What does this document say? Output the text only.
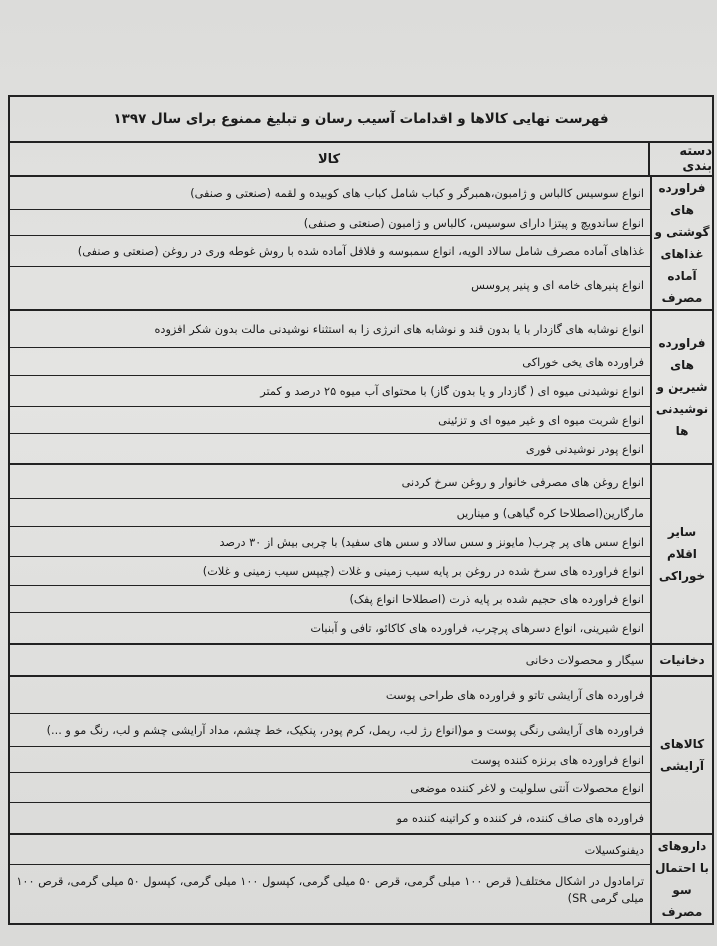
فهرست نهایی کالاها و اقدامات آسیب رسان و تبلیغ ممنوع برای سال ۱۳۹۷
دسته بندی
کالا
فراورده های گوشتی و غذاهای آماده مصرف
انواع سوسیس کالباس و ژامبون،همبرگر و کباب شامل کباب های کوبیده و لقمه (صنعتی و صنفی)
انواع ساندویچ و پیتزا دارای سوسیس، کالباس و ژامبون (صنعتی و صنفی)
غذاهای آماده مصرف شامل سالاد الویه، انواع سمبوسه و فلافل آماده شده با روش غوطه وری در روغن (صنعتی و صنفی)
انواع پنیرهای خامه ای و پنیر پروسس
فراورده های شیرین و نوشیدنی ها
انواع نوشابه های گازدار با یا بدون قند و نوشابه های انرژی زا به استثناء نوشیدنی مالت بدون شکر افزوده
فراورده های یخی خوراکی
انواع نوشیدنی میوه ای ( گازدار و یا بدون گاز) با محتوای آب میوه ۲۵ درصد و کمتر
انواع شربت میوه ای و غیر میوه ای و تزئینی
انواع پودر نوشیدنی فوری
سایر اقلام خوراکی
انواع روغن های مصرفی خانوار و روغن سرخ کردنی
مارگارین(اصطلاحا کره گیاهی) و میناریں
انواع سس های پر چرب( مایونز و سس سالاد و سس های سفید) با چربی بیش از ۳۰ درصد
انواع فراورده های سرخ شده در روغن بر پایه سیب زمینی و غلات (چیپس سیب زمینی و غلات)
انواع فراورده های حجیم شده بر پایه ذرت (اصطلاحا انواع پفک)
انواع شیرینی، انواع دسرهای پرچرب، فراورده های کاکائو، تافی و آبنبات
دخانیات
سیگار و محصولات دخانی
کالاهای آرایشی
فراورده های آرایشی تاتو و فراورده های طراحی پوست
فراورده های آرایشی رنگی پوست و مو(انواع رژ لب، ریمل، کرم پودر، پنکیک، خط چشم، مداد آرایشی چشم و لب، رنگ مو و ...)
انواع فراورده های برنزه کننده پوست
انواع محصولات آنتی سلولیت و لاغر کننده موضعی
فراورده های صاف کننده، فر کننده و کراتینه کننده مو
داروهای با احتمال سو مصرف
دیفنوکسیلات
ترامادول در اشکال مختلف( قرص ۱۰۰ میلی گرمی، قرص ۵۰ میلی گرمی، کپسول ۱۰۰ میلی گرمی، کپسول ۵۰ میلی گرمی، قرص ۱۰۰ میلی گرمی SR)
